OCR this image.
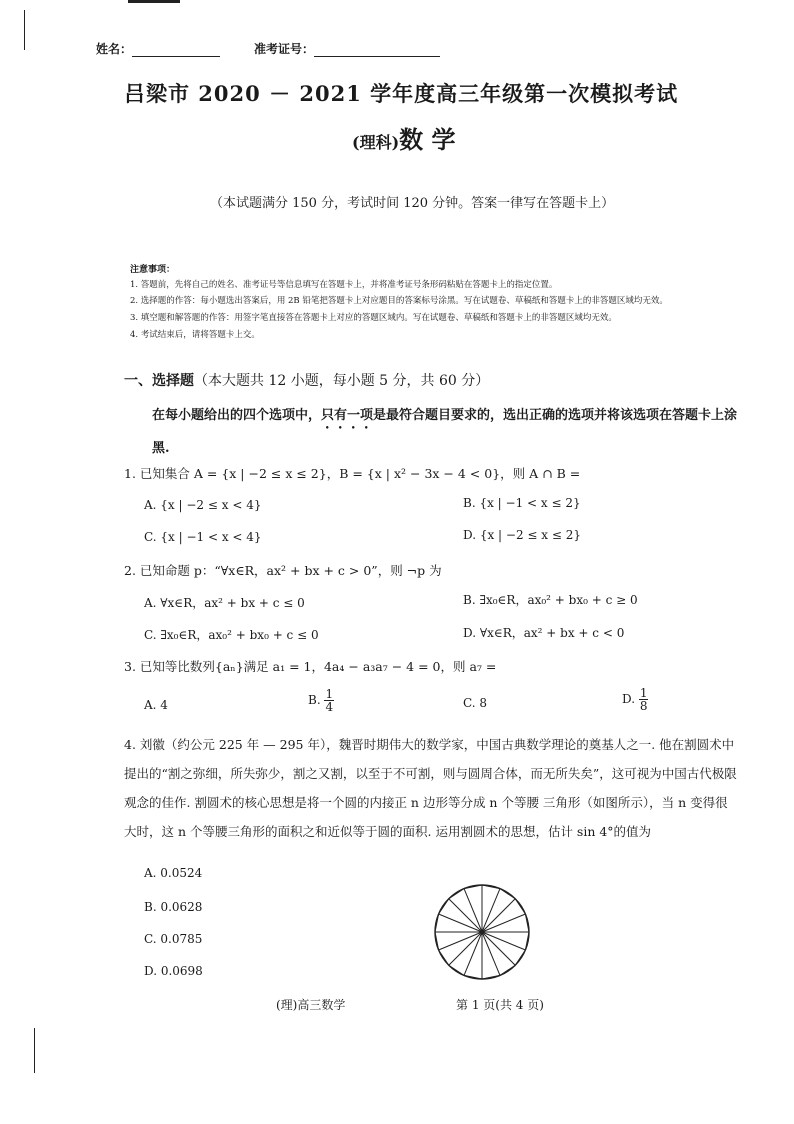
姓名：	准考证号：
吕梁市 2020 － 2021 学年度高三年级第一次模拟考试
(理科)数 学
（本试题满分 150 分，考试时间 120 分钟。答案一律写在答题卡上）
注意事项：
1. 答题前，先将自己的姓名、准考证号等信息填写在答题卡上，并将准考证号条形码粘贴在答题卡上的指定位置。
2. 选择题的作答：每小题选出答案后，用 2B 铅笔把答题卡上对应题目的答案标号涂黑。写在试题卷、草稿纸和答题卡上的非答题区域均无效。
3. 填空题和解答题的作答：用签字笔直接答在答题卡上对应的答题区域内。写在试题卷、草稿纸和答题卡上的非答题区域均无效。
4. 考试结束后，请将答题卡上交。
一、选择题（本大题共 12 小题，每小题 5 分，共 60 分）
在每小题给出的四个选项中，只有一项是最符合题目要求的，选出正确的选项并将该选项在答题卡上涂
黑.
1. 已知集合 A = {x | −2 ≤ x ≤ 2}，B = {x | x² − 3x − 4 < 0}，则 A ∩ B =
A. {x | −2 ≤ x < 4}	B. {x | −1 < x ≤ 2}
C. {x | −1 < x < 4}	D. {x | −2 ≤ x ≤ 2}
2. 已知命题 p：“∀x∈R，ax² + bx + c > 0”，则 ¬p 为
A. ∀x∈R，ax² + bx + c ≤ 0	B. ∃x₀∈R，ax₀² + bx₀ + c ≥ 0
C. ∃x₀∈R，ax₀² + bx₀ + c ≤ 0	D. ∀x∈R，ax² + bx + c < 0
3. 已知等比数列{aₙ}满足 a₁ = 1，4a₄ − a₃a₇ − 4 = 0，则 a₇ =
A. 4	B. $\frac{1}{4}$	C. 8	D. $\frac{1}{8}$
4. 刘徽（约公元 225 年 — 295 年），魏晋时期伟大的数学家，中国古典数学理论的奠基人之一. 他在割圆术中提出的“割之弥细，所失弥少，割之又割，以至于不可割，则与圆周合体，而无所失矣”，这可视为中国古代极限观念的佳作. 割圆术的核心思想是将一个圆的内接正 n 边形等分成 n 个等腰 三角形（如图所示），当 n 变得很大时，这 n 个等腰三角形的面积之和近似等于圆的面积. 运用割圆术的思想，估计 sin 4°的值为
A. 0.0524
B. 0.0628
C. 0.0785
D. 0.0698
(理)高三数学	第 1 页(共 4 页)
